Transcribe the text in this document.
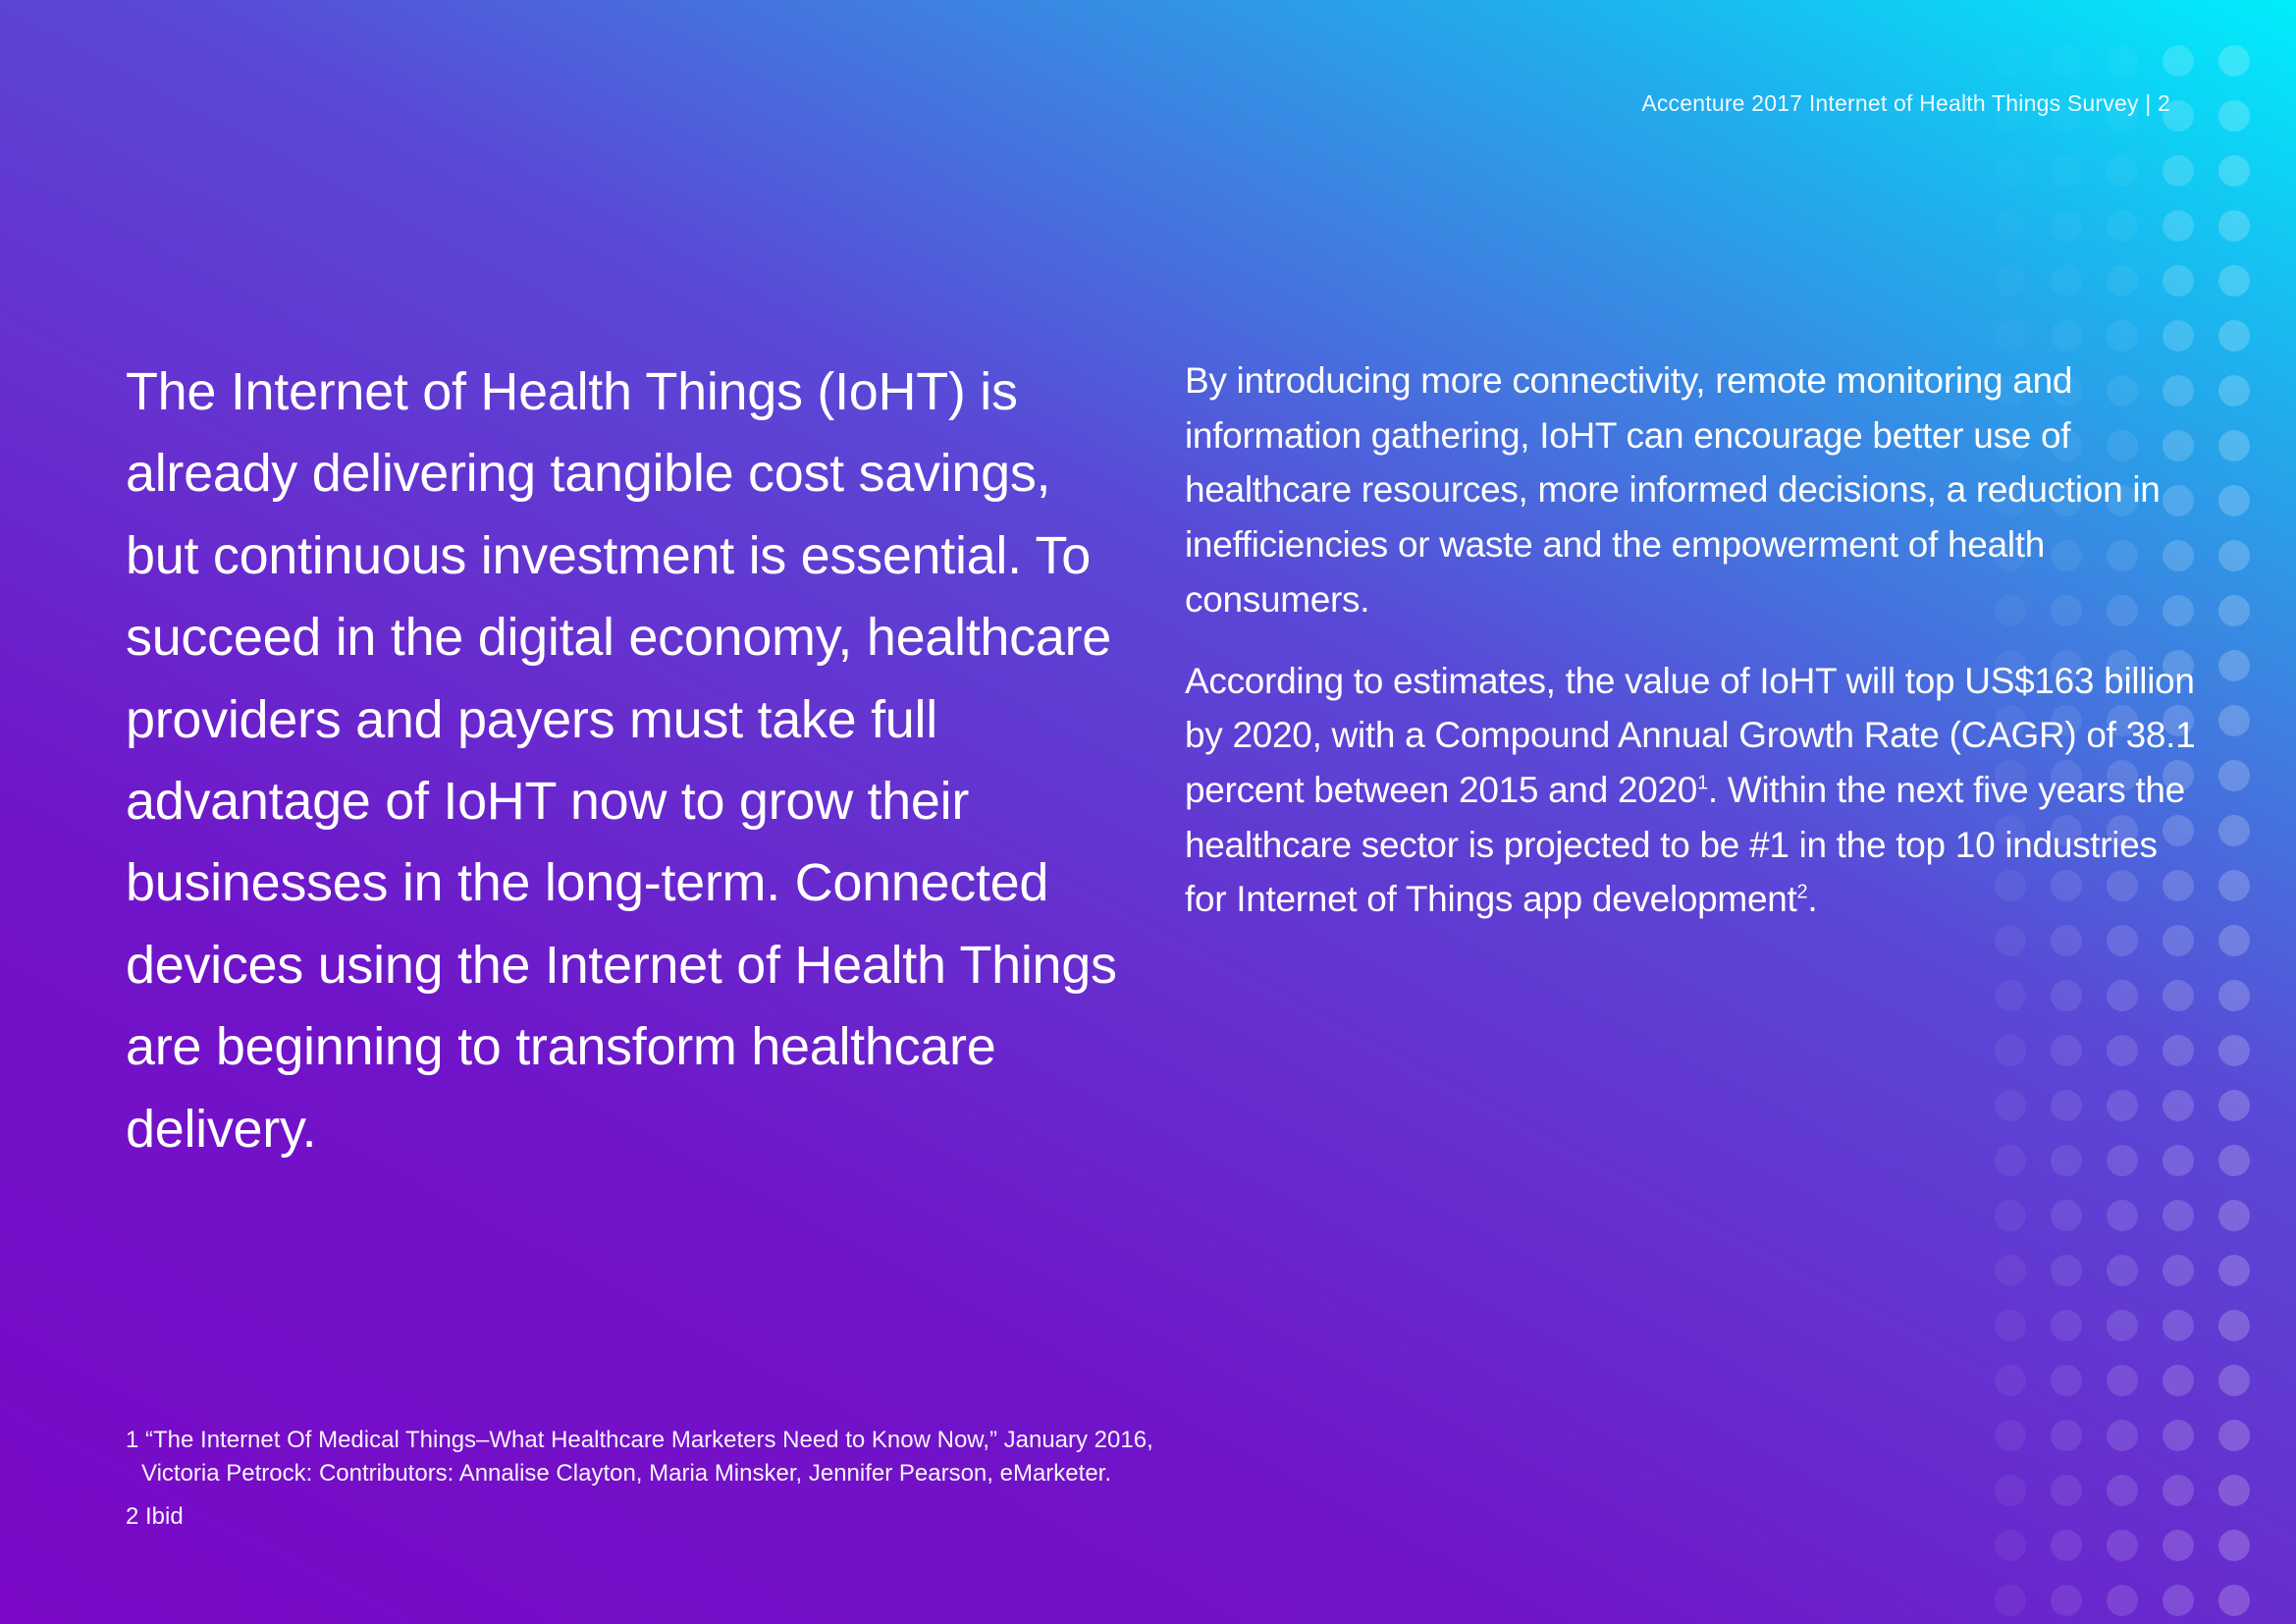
Accenture 2017 Internet of Health Things Survey | 2
The Internet of Health Things (IoHT) is already delivering tangible cost savings, but continuous investment is essential. To succeed in the digital economy, healthcare providers and payers must take full advantage of IoHT now to grow their businesses in the long-term. Connected devices using the Internet of Health Things are beginning to transform healthcare delivery.

By introducing more connectivity, remote monitoring and information gathering, IoHT can encourage better use of healthcare resources, more informed decisions, a reduction in inefficiencies or waste and the empowerment of health consumers.

According to estimates, the value of IoHT will top US$163 billion by 2020, with a Compound Annual Growth Rate (CAGR) of 38.1 percent between 2015 and 2020$^1$. Within the next five years the healthcare sector is projected to be #1 in the top 10 industries for Internet of Things app development$^2$.

1 “The Internet Of Medical Things–What Healthcare Marketers Need to Know Now,” January 2016,
Victoria Petrock: Contributors: Annalise Clayton, Maria Minsker, Jennifer Pearson, eMarketer.
2 Ibid
